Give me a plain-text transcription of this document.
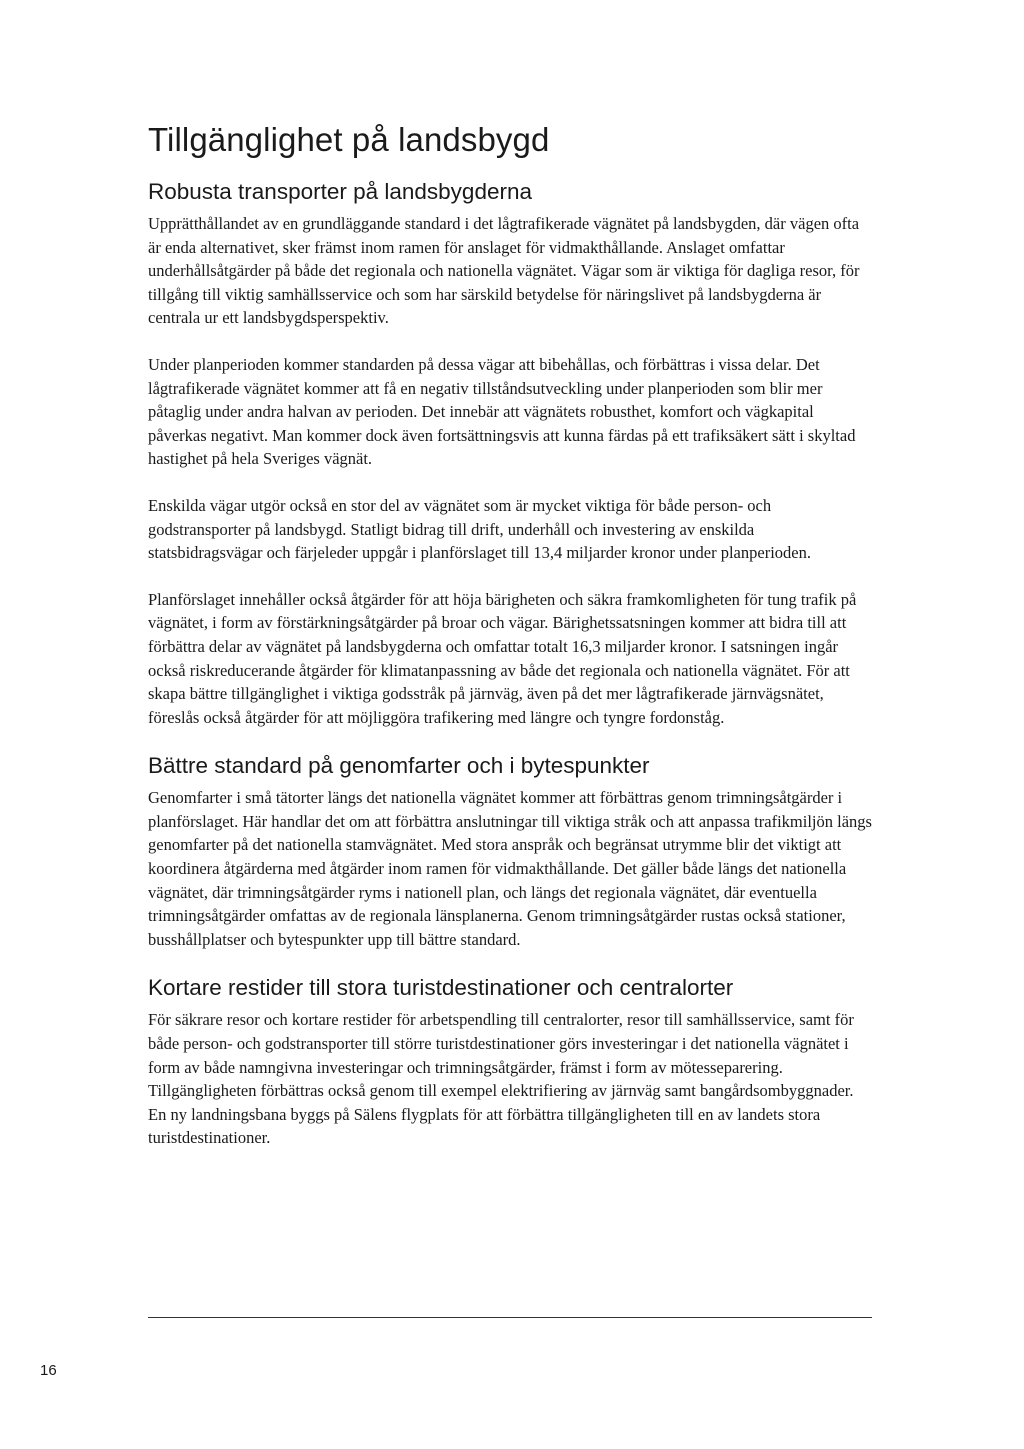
Tillgänglighet på landsbygd
Robusta transporter på landsbygderna

Upprätthållandet av en grundläggande standard i det lågtrafikerade vägnätet på landsbygden, där vägen ofta är enda alternativet, sker främst inom ramen för anslaget för vidmakthållande. Anslaget omfattar underhållsåtgärder på både det regionala och nationella vägnätet. Vägar som är viktiga för dagliga resor, för tillgång till viktig samhällsservice och som har särskild betydelse för näringslivet på landsbygderna är centrala ur ett landsbygdsperspektiv.

Under planperioden kommer standarden på dessa vägar att bibehållas, och förbättras i vissa delar. Det lågtrafikerade vägnätet kommer att få en negativ tillståndsutveckling under planperioden som blir mer påtaglig under andra halvan av perioden. Det innebär att vägnätets robusthet, komfort och vägkapital påverkas negativt. Man kommer dock även fortsättningsvis att kunna färdas på ett trafiksäkert sätt i skyltad hastighet på hela Sveriges vägnät.

Enskilda vägar utgör också en stor del av vägnätet som är mycket viktiga för både person- och godstransporter på landsbygd. Statligt bidrag till drift, underhåll och investering av enskilda statsbidragsvägar och färjeleder uppgår i planförslaget till 13,4 miljarder kronor under planperioden.

Planförslaget innehåller också åtgärder för att höja bärigheten och säkra framkomligheten för tung trafik på vägnätet, i form av förstärkningsåtgärder på broar och vägar. Bärighetssatsningen kommer att bidra till att förbättra delar av vägnätet på landsbygderna och omfattar totalt 16,3 miljarder kronor. I satsningen ingår också riskreducerande åtgärder för klimatanpassning av både det regionala och nationella vägnätet. För att skapa bättre tillgänglighet i viktiga godsstråk på järnväg, även på det mer lågtrafikerade järnvägsnätet, föreslås också åtgärder för att möjliggöra trafikering med längre och tyngre fordonståg.

Bättre standard på genomfarter och i bytespunkter

Genomfarter i små tätorter längs det nationella vägnätet kommer att förbättras genom trimningsåtgärder i planförslaget. Här handlar det om att förbättra anslutningar till viktiga stråk och att anpassa trafikmiljön längs genomfarter på det nationella stamvägnätet. Med stora anspråk och begränsat utrymme blir det viktigt att koordinera åtgärderna med åtgärder inom ramen för vidmakthållande. Det gäller både längs det nationella vägnätet, där trimningsåtgärder ryms i nationell plan, och längs det regionala vägnätet, där eventuella trimningsåtgärder omfattas av de regionala länsplanerna. Genom trimningsåtgärder rustas också stationer, busshållplatser och bytespunkter upp till bättre standard.

Kortare restider till stora turistdestinationer och centralorter

För säkrare resor och kortare restider för arbetspendling till centralorter, resor till samhällsservice, samt för både person- och godstransporter till större turistdestinationer görs investeringar i det nationella vägnätet i form av både namngivna investeringar och trimningsåtgärder, främst i form av mötesseparering. Tillgängligheten förbättras också genom till exempel elektrifiering av järnväg samt bangårdsombyggnader. En ny landningsbana byggs på Sälens flygplats för att förbättra tillgängligheten till en av landets stora turistdestinationer.

16
